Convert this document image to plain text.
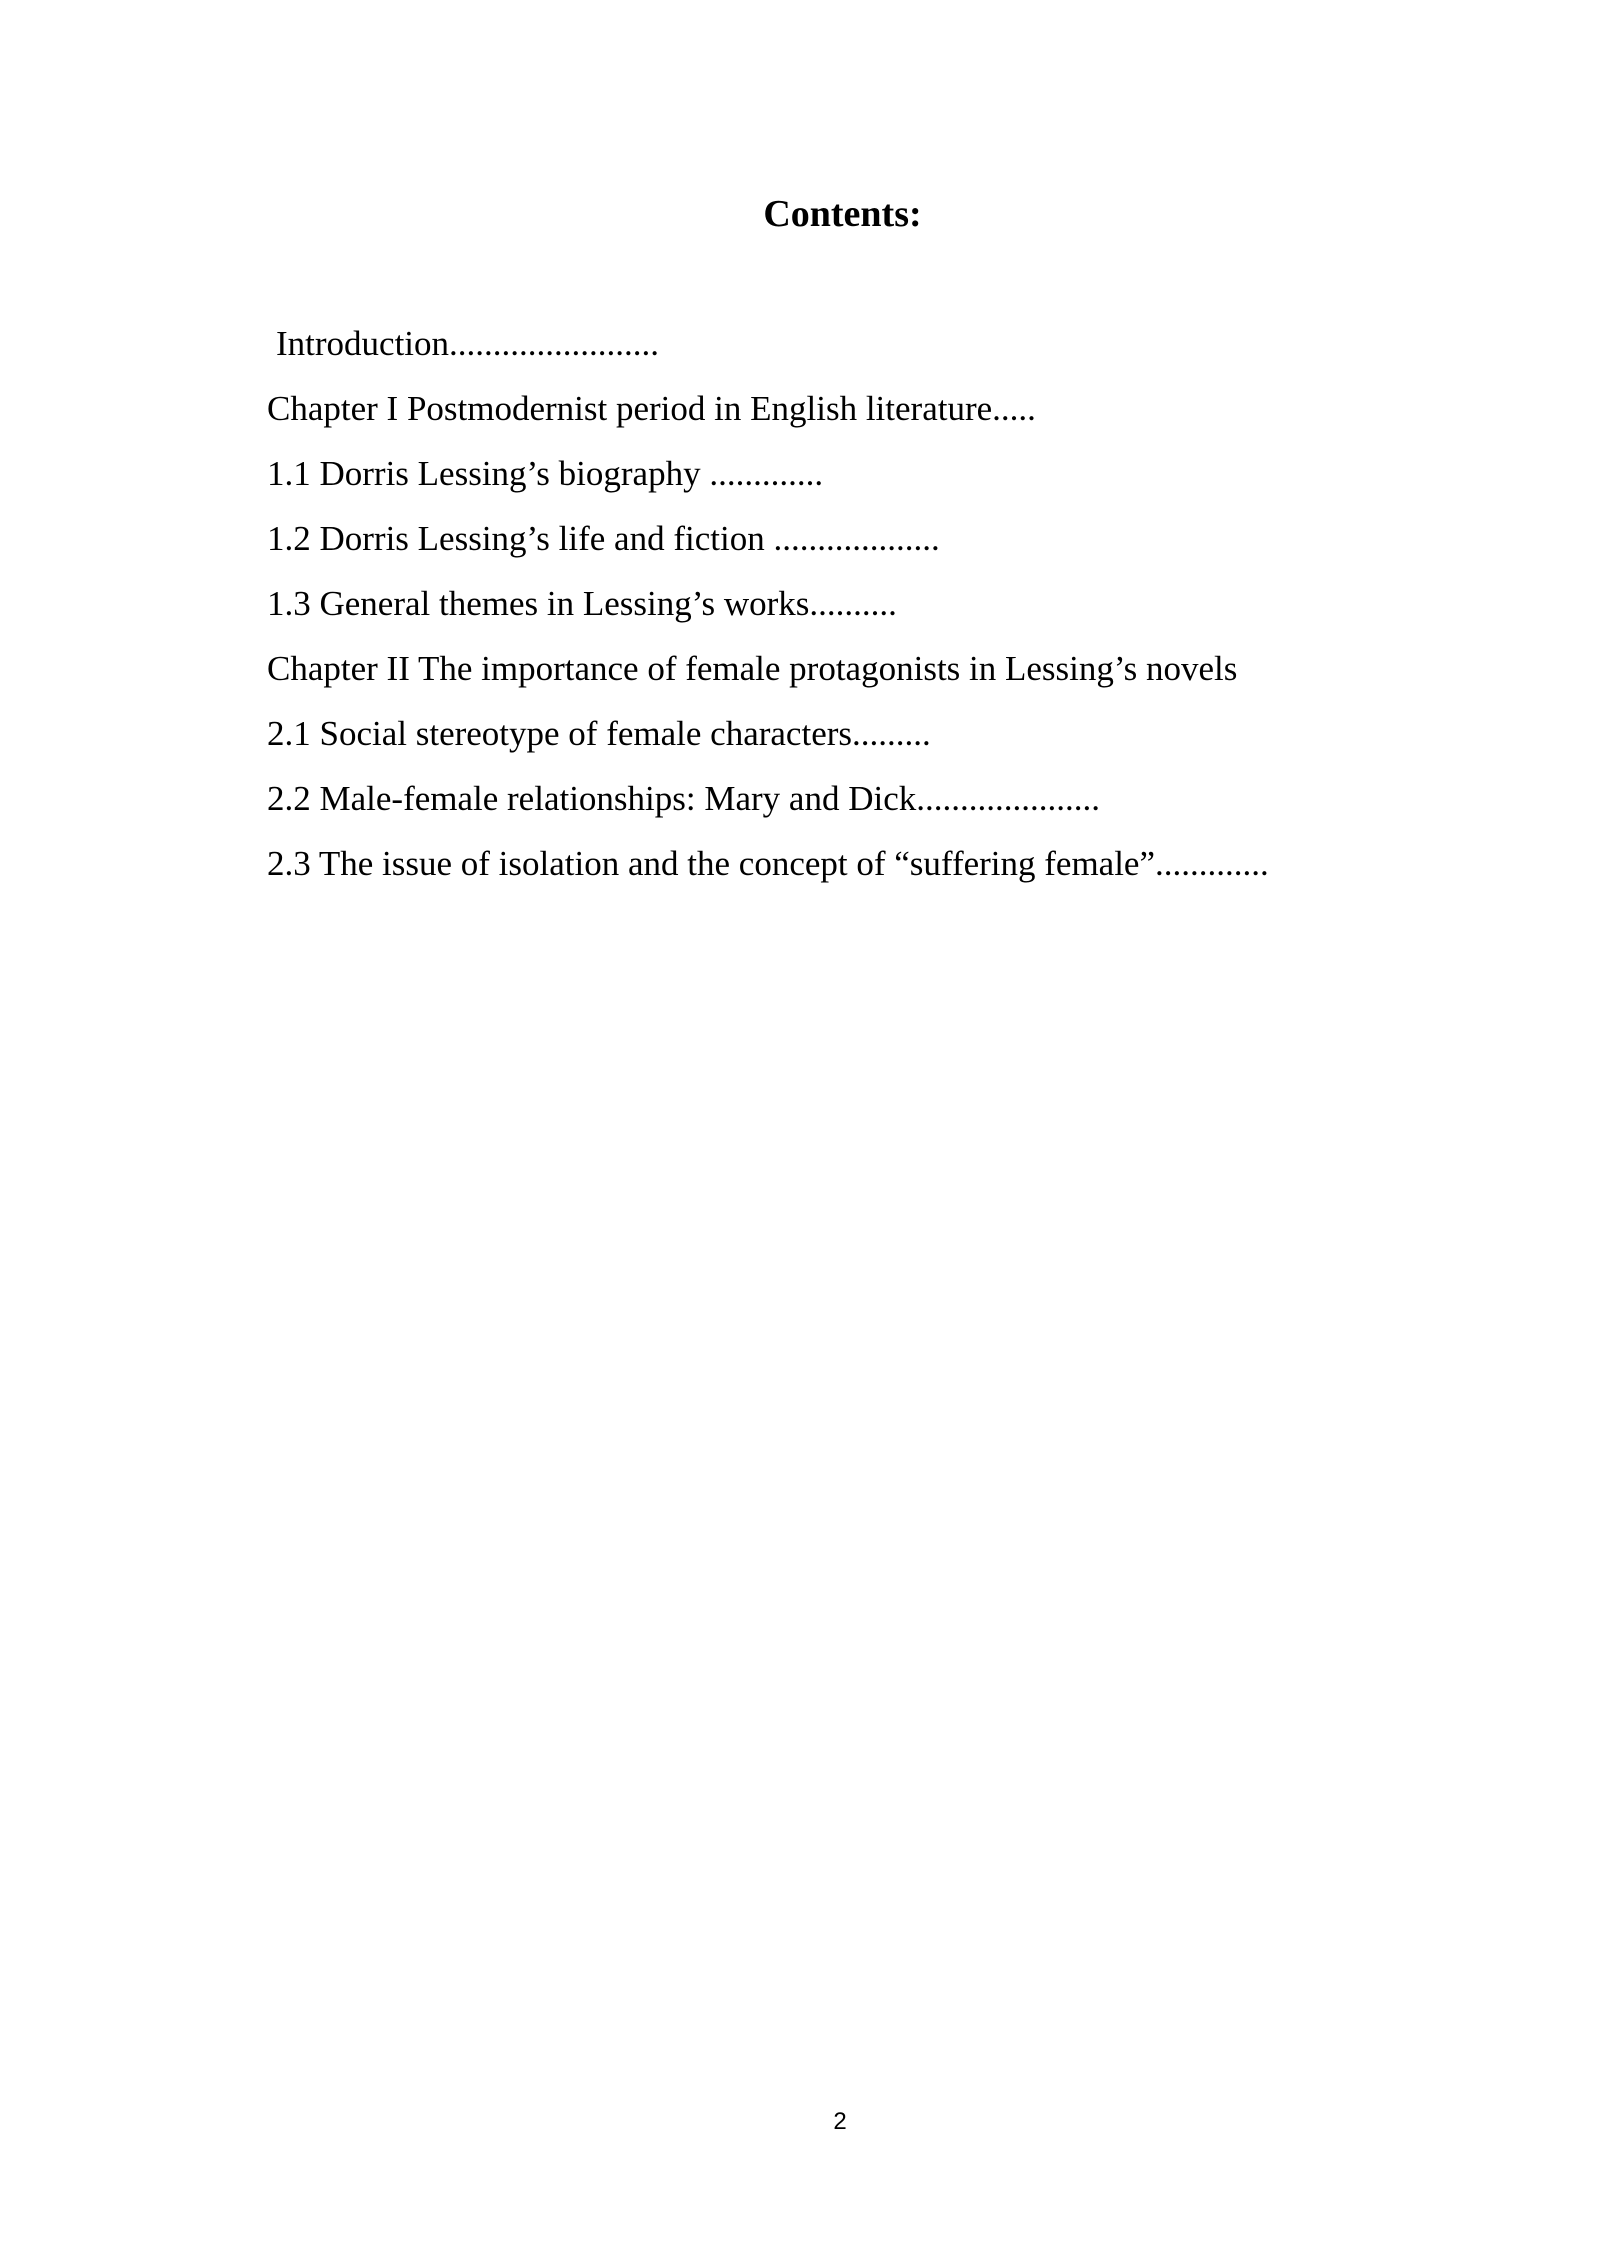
Contents:
Introduction........................
Chapter I Postmodernist period in English literature.....
1.1 Dorris Lessing’s biography .............
1.2 Dorris Lessing’s life and fiction ...................
1.3 General themes in Lessing’s works..........
Chapter II The importance of female protagonists in Lessing’s novels
2.1 Social stereotype of female characters.........
2.2 Male-female relationships: Mary and Dick.....................
2.3 The issue of isolation and the concept of “suffering female”.............
2
